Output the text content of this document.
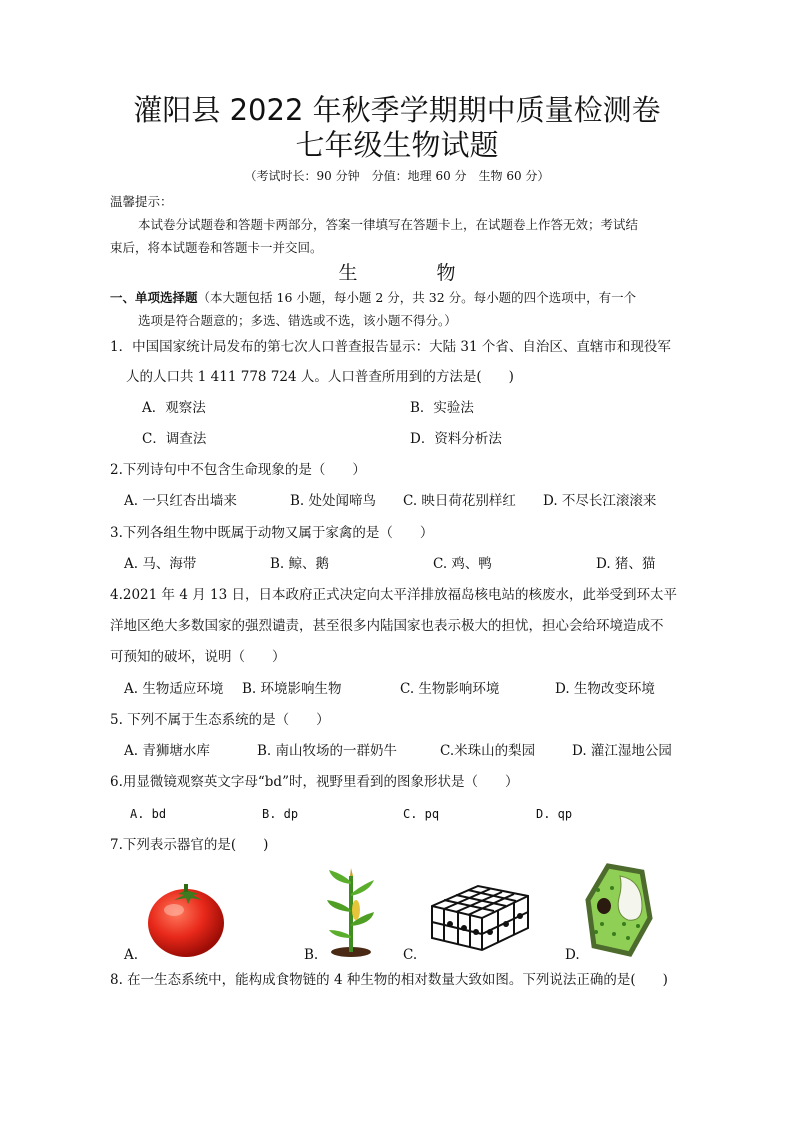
灌阳县 2022 年秋季学期期中质量检测卷
七年级生物试题
（考试时长：90 分钟　分值：地理 60 分　生物 60 分）
温馨提示：
本试卷分试题卷和答题卡两部分，答案一律填写在答题卡上，在试题卷上作答无效；考试结
束后，将本试题卷和答题卡一并交回。
生　物
一、单项选择题（本大题包括 16 小题，每小题 2 分，共 32 分。每小题的四个选项中，有一个
选项是符合题意的；多选、错选或不选，该小题不得分。）
1．中国国家统计局发布的第七次人口普查报告显示：大陆 31 个省、自治区、直辖市和现役军
人的人口共 1 411 778 724 人。人口普查所用到的方法是(　　)
A．观察法	B．实验法
C．调查法	D．资料分析法
2.下列诗句中不包含生命现象的是（　　）
A. 一只红杏出墙来	B. 处处闻啼鸟 C. 映日荷花别样红 D. 不尽长江滚滚来
3.下列各组生物中既属于动物又属于家禽的是（　　）
A. 马、海带	B. 鲸、鹅	C. 鸡、鸭	D. 猪、猫
4.2021 年 4 月 13 日，日本政府正式决定向太平洋排放福岛核电站的核废水，此举受到环太平
洋地区绝大多数国家的强烈谴责，甚至很多内陆国家也表示极大的担忧，担心会给环境造成不
可预知的破坏，说明（　　）
A. 生物适应环境 B. 环境影响生物	C. 生物影响环境	D. 生物改变环境
5. 下列不属于生态系统的是（　　）
A. 青狮塘水库	B. 南山牧场的一群奶牛	C.米珠山的梨园	D. 灌江湿地公园
6.用显微镜观察英文字母“bd”时，视野里看到的图象形状是（　　）
A. bd	B. dp	C. pq	D. qp
7.下列表示器官的是(　　)
A.	B.	C.	D.
8. 在一生态系统中，能构成食物链的 4 种生物的相对数量大致如图。下列说法正确的是(　　)
